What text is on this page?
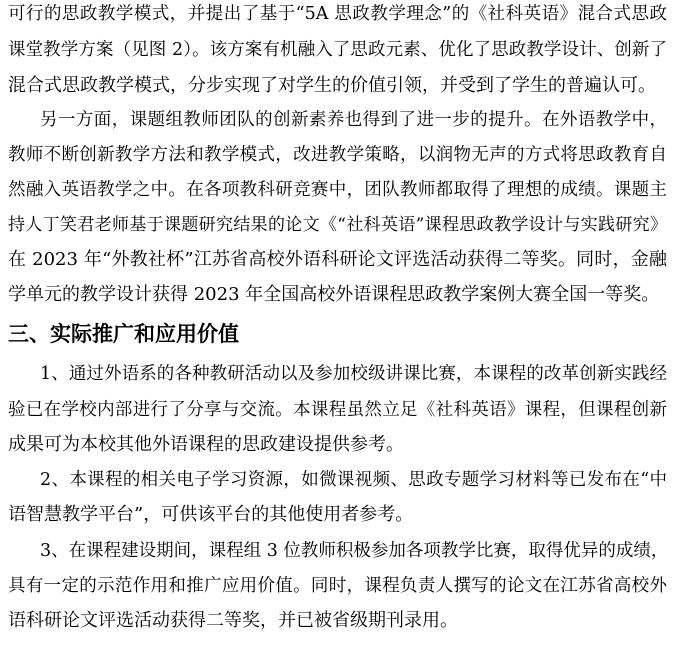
可行的思政教学模式，并提出了基于“5A 思政教学理念”的《社科英语》混合式思政
课堂教学方案（见图 2）。该方案有机融入了思政元素、优化了思政教学设计、创新了
混合式思政教学模式，分步实现了对学生的价值引领，并受到了学生的普遍认可。
另一方面，课题组教师团队的创新素养也得到了进一步的提升。在外语教学中，
教师不断创新教学方法和教学模式，改进教学策略，以润物无声的方式将思政教育自
然融入英语教学之中。在各项教科研竞赛中，团队教师都取得了理想的成绩。课题主
持人丁笑君老师基于课题研究结果的论文《“社科英语”课程思政教学设计与实践研究》
在 2023 年“外教社杯”江苏省高校外语科研论文评选活动获得二等奖。同时，金融
学单元的教学设计获得 2023 年全国高校外语课程思政教学案例大赛全国一等奖。
三、实际推广和应用价值
1、通过外语系的各种教研活动以及参加校级讲课比赛，本课程的改革创新实践经
验已在学校内部进行了分享与交流。本课程虽然立足《社科英语》课程，但课程创新
成果可为本校其他外语课程的思政建设提供参考。
2、本课程的相关电子学习资源，如微课视频、思政专题学习材料等已发布在“中
语智慧教学平台”，可供该平台的其他使用者参考。
3、在课程建设期间，课程组 3 位教师积极参加各项教学比赛，取得优异的成绩，
具有一定的示范作用和推广应用价值。同时，课程负责人撰写的论文在江苏省高校外
语科研论文评选活动获得二等奖，并已被省级期刊录用。
